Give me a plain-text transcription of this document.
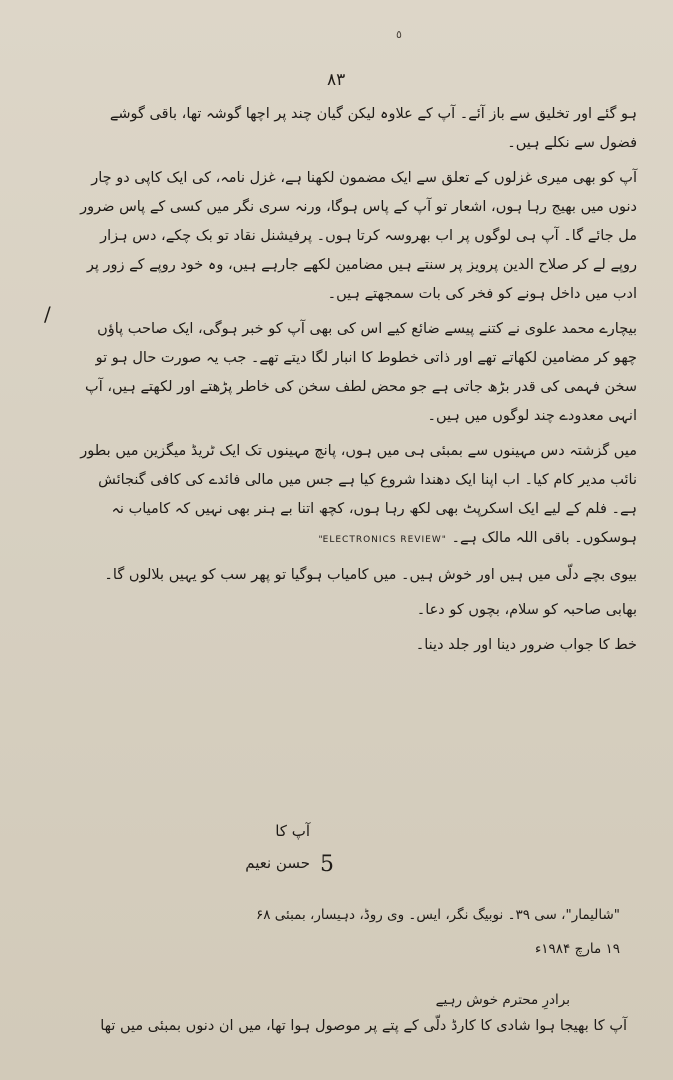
٥
٨٣
/

ہو گئے اور تخلیق سے باز آئے۔ آپ کے علاوہ لیکن گیان چند پر اچھا گوشہ تھا، باقی گوشے فضول سے نکلے ہیں۔

آپ کو بھی میری غزلوں کے تعلق سے ایک مضمون لکھنا ہے، غزل نامہ، کی ایک کاپی دو چار دنوں میں بھیج رہا ہوں، اشعار تو آپ کے پاس ہوگا، ورنہ سری نگر میں کسی کے پاس ضرور مل جائے گا۔ آپ ہی لوگوں پر اب بھروسہ کرتا ہوں۔ پرفیشنل نقاد تو بک چکے، دس ہزار روپے لے کر صلاح الدین پرویز پر سنتے ہیں مضامین لکھے جارہے ہیں، وہ خود روپے کے زور پر ادب میں داخل ہونے کو فخر کی بات سمجھتے ہیں۔

بیچارے محمد علوی نے کتنے پیسے ضائع کیے اس کی بھی آپ کو خبر ہوگی، ایک صاحب پاؤں چھو کر مضامین لکھاتے تھے اور ذاتی خطوط کا انبار لگا دیتے تھے۔ جب یہ صورت حال ہو تو سخن فہمی کی قدر بڑھ جاتی ہے جو محض لطف سخن کی خاطر پڑھتے اور لکھتے ہیں، آپ انہی معدودے چند لوگوں میں ہیں۔

میں گزشتہ دس مہینوں سے بمبئی ہی میں ہوں، پانچ مہینوں تک ایک ٹریڈ میگزین میں بطور نائب مدیر کام کیا۔ اب اپنا ایک دھندا شروع کیا ہے جس میں مالی فائدے کی کافی گنجائش ہے۔ فلم کے لیے ایک اسکرپٹ بھی لکھ رہا ہوں، کچھ اتنا بے ہنر بھی نہیں کہ کامیاب نہ ہوسکوں۔ باقی اللہ مالک ہے۔ "ELECTRONICS REVIEW"

بیوی بچے دلّی میں ہیں اور خوش ہیں۔ میں کامیاب ہوگیا تو پھر سب کو یہیں بلالوں گا۔

بھابی صاحبہ کو سلام، بچوں کو دعا۔

خط کا جواب ضرور دینا اور جلد دینا۔

آپ کا
حسن نعیم 5
"شالیمار"، سی ۳۹۔ نوبیگ نگر، ایس۔ وی روڈ، دہیسار، بمبئی ۶۸
۱۹ مارچ ۱۹۸۴ء
برادرِ محترم خوش رہیے
آپ کا بھیجا ہوا شادی کا کارڈ دلّی کے پتے پر موصول ہوا تھا، میں ان دنوں بمبئی میں تھا
